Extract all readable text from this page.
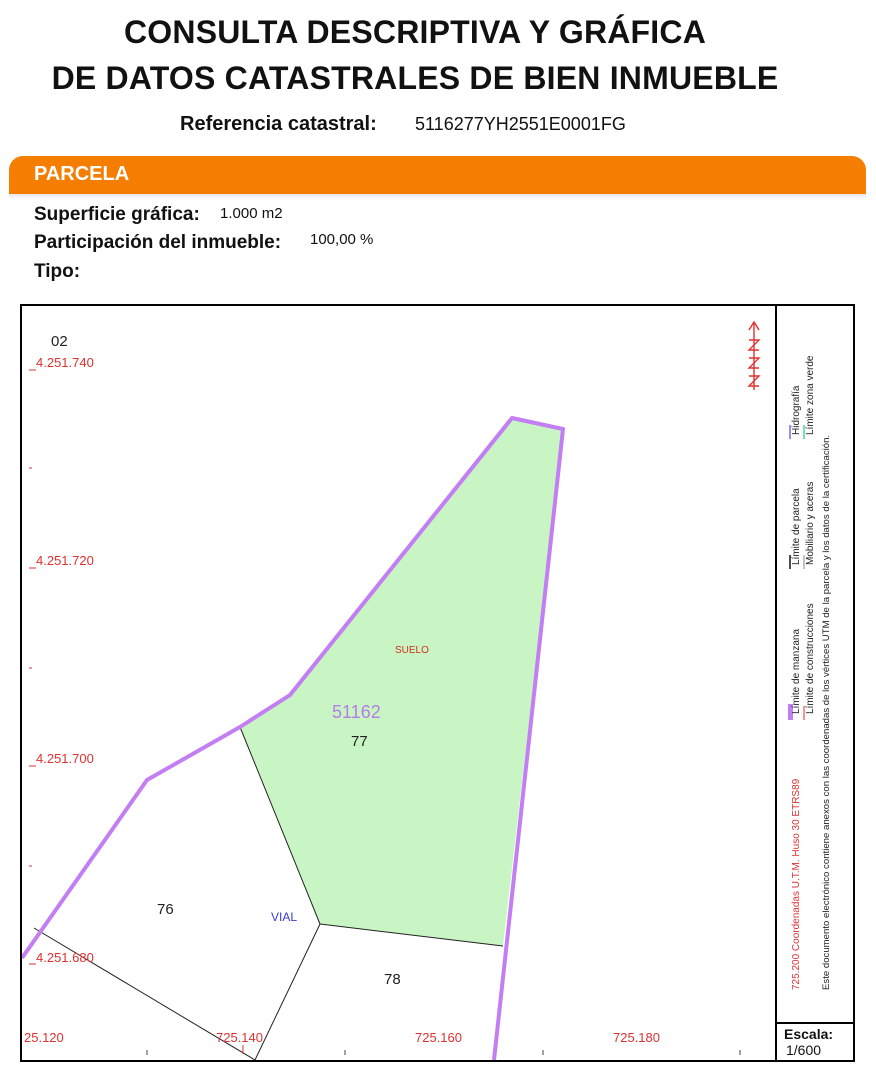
CONSULTA DESCRIPTIVA Y GRÁFICA
DE DATOS CATASTRALES DE BIEN INMUEBLE
Referencia catastral: 5116277YH2551E0001FG
PARCELA
Superficie gráfica: 1.000 m2
Participación del inmueble: 100,00 %
Tipo:
02
4.251.740
4.251.720
4.251.700
4.251.680
25.120	725.140	725.160	725.180
SUELO
51162
77
76	VIAL
78	725.200 Coordenadas U.T.M. Huso 30 ETRS89
Límite de manzana
Límite de parcela
Hidrografía
Límite de construcciones
Mobiliario y aceras
Límite zona verde
Este documento electrónico contiene anexos con las coordenadas de los vértices UTM de la parcela y los datos de la certificación.
Escala:
1/600
